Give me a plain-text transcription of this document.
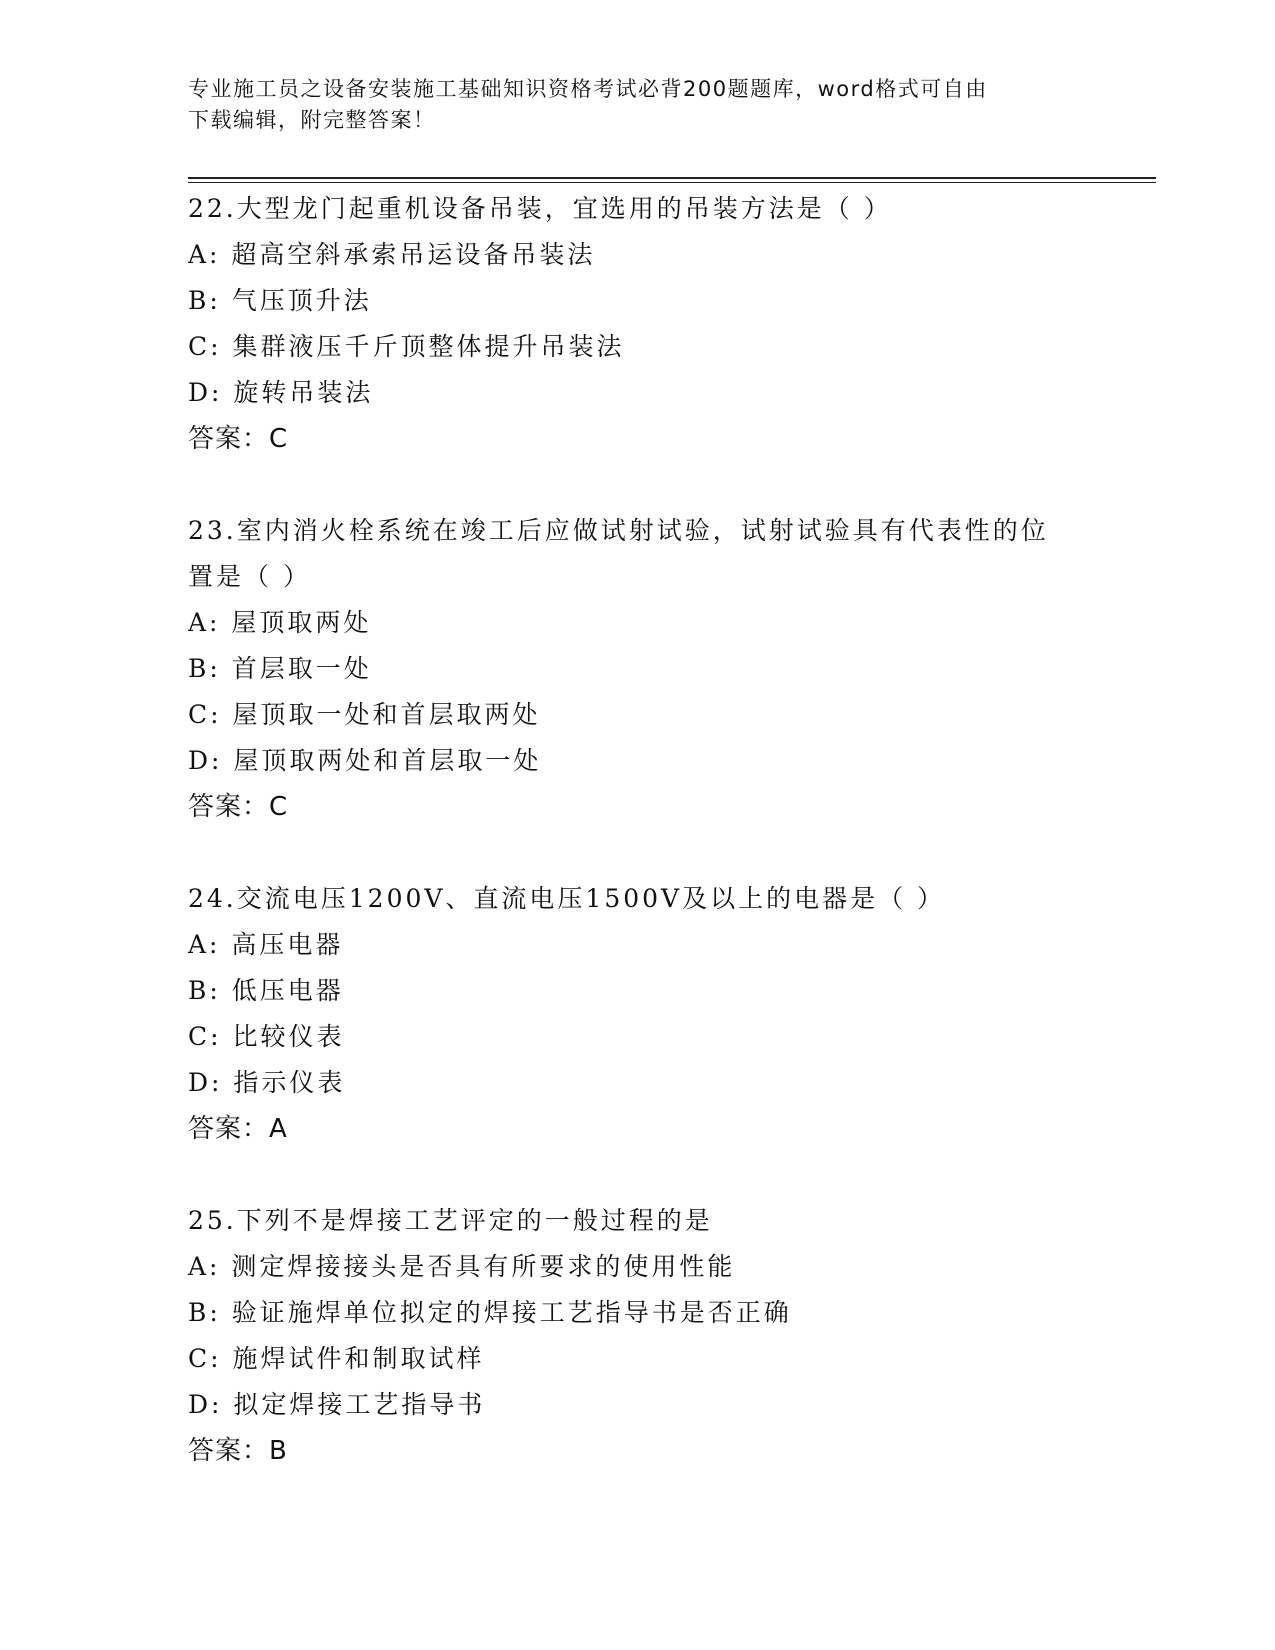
专业施工员之设备安装施工基础知识资格考试必背200题题库，word格式可自由
下载编辑，附完整答案！
22.大型龙门起重机设备吊装，宜选用的吊装方法是（ ）
A: 超高空斜承索吊运设备吊装法
B: 气压顶升法
C: 集群液压千斤顶整体提升吊装法
D: 旋转吊装法
答案：C
23.室内消火栓系统在竣工后应做试射试验，试射试验具有代表性的位
置是（ ）
A: 屋顶取两处
B: 首层取一处
C: 屋顶取一处和首层取两处
D: 屋顶取两处和首层取一处
答案：C
24.交流电压1200V、直流电压1500V及以上的电器是（ ）
A: 高压电器
B: 低压电器
C: 比较仪表
D: 指示仪表
答案：A
25.下列不是焊接工艺评定的一般过程的是
A: 测定焊接接头是否具有所要求的使用性能
B: 验证施焊单位拟定的焊接工艺指导书是否正确
C: 施焊试件和制取试样
D: 拟定焊接工艺指导书
答案：B
